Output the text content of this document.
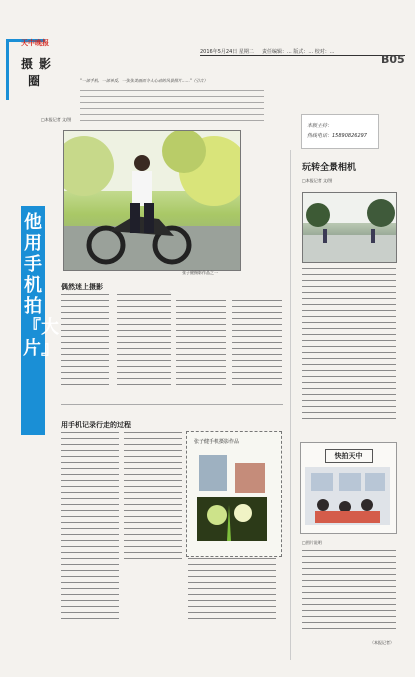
天中晚报
摄 影
圈
2016年5月24日 星期二 责任编辑：... 版式：... 校对：...
B05
"一部手机、一部单反、一张张美丽而令人心动的风景照片……"（引言）
本版主持：
热线电话：15890826297
□本报记者 文/图
他用手机拍『大片』
张子健摄影作品之一
偶然迷上摄影
用手机记录行走的过程
张子健手机摄影作品
玩转全景相机
□本报记者 文/图
快拍天中
□图片说明
（本报记者）
